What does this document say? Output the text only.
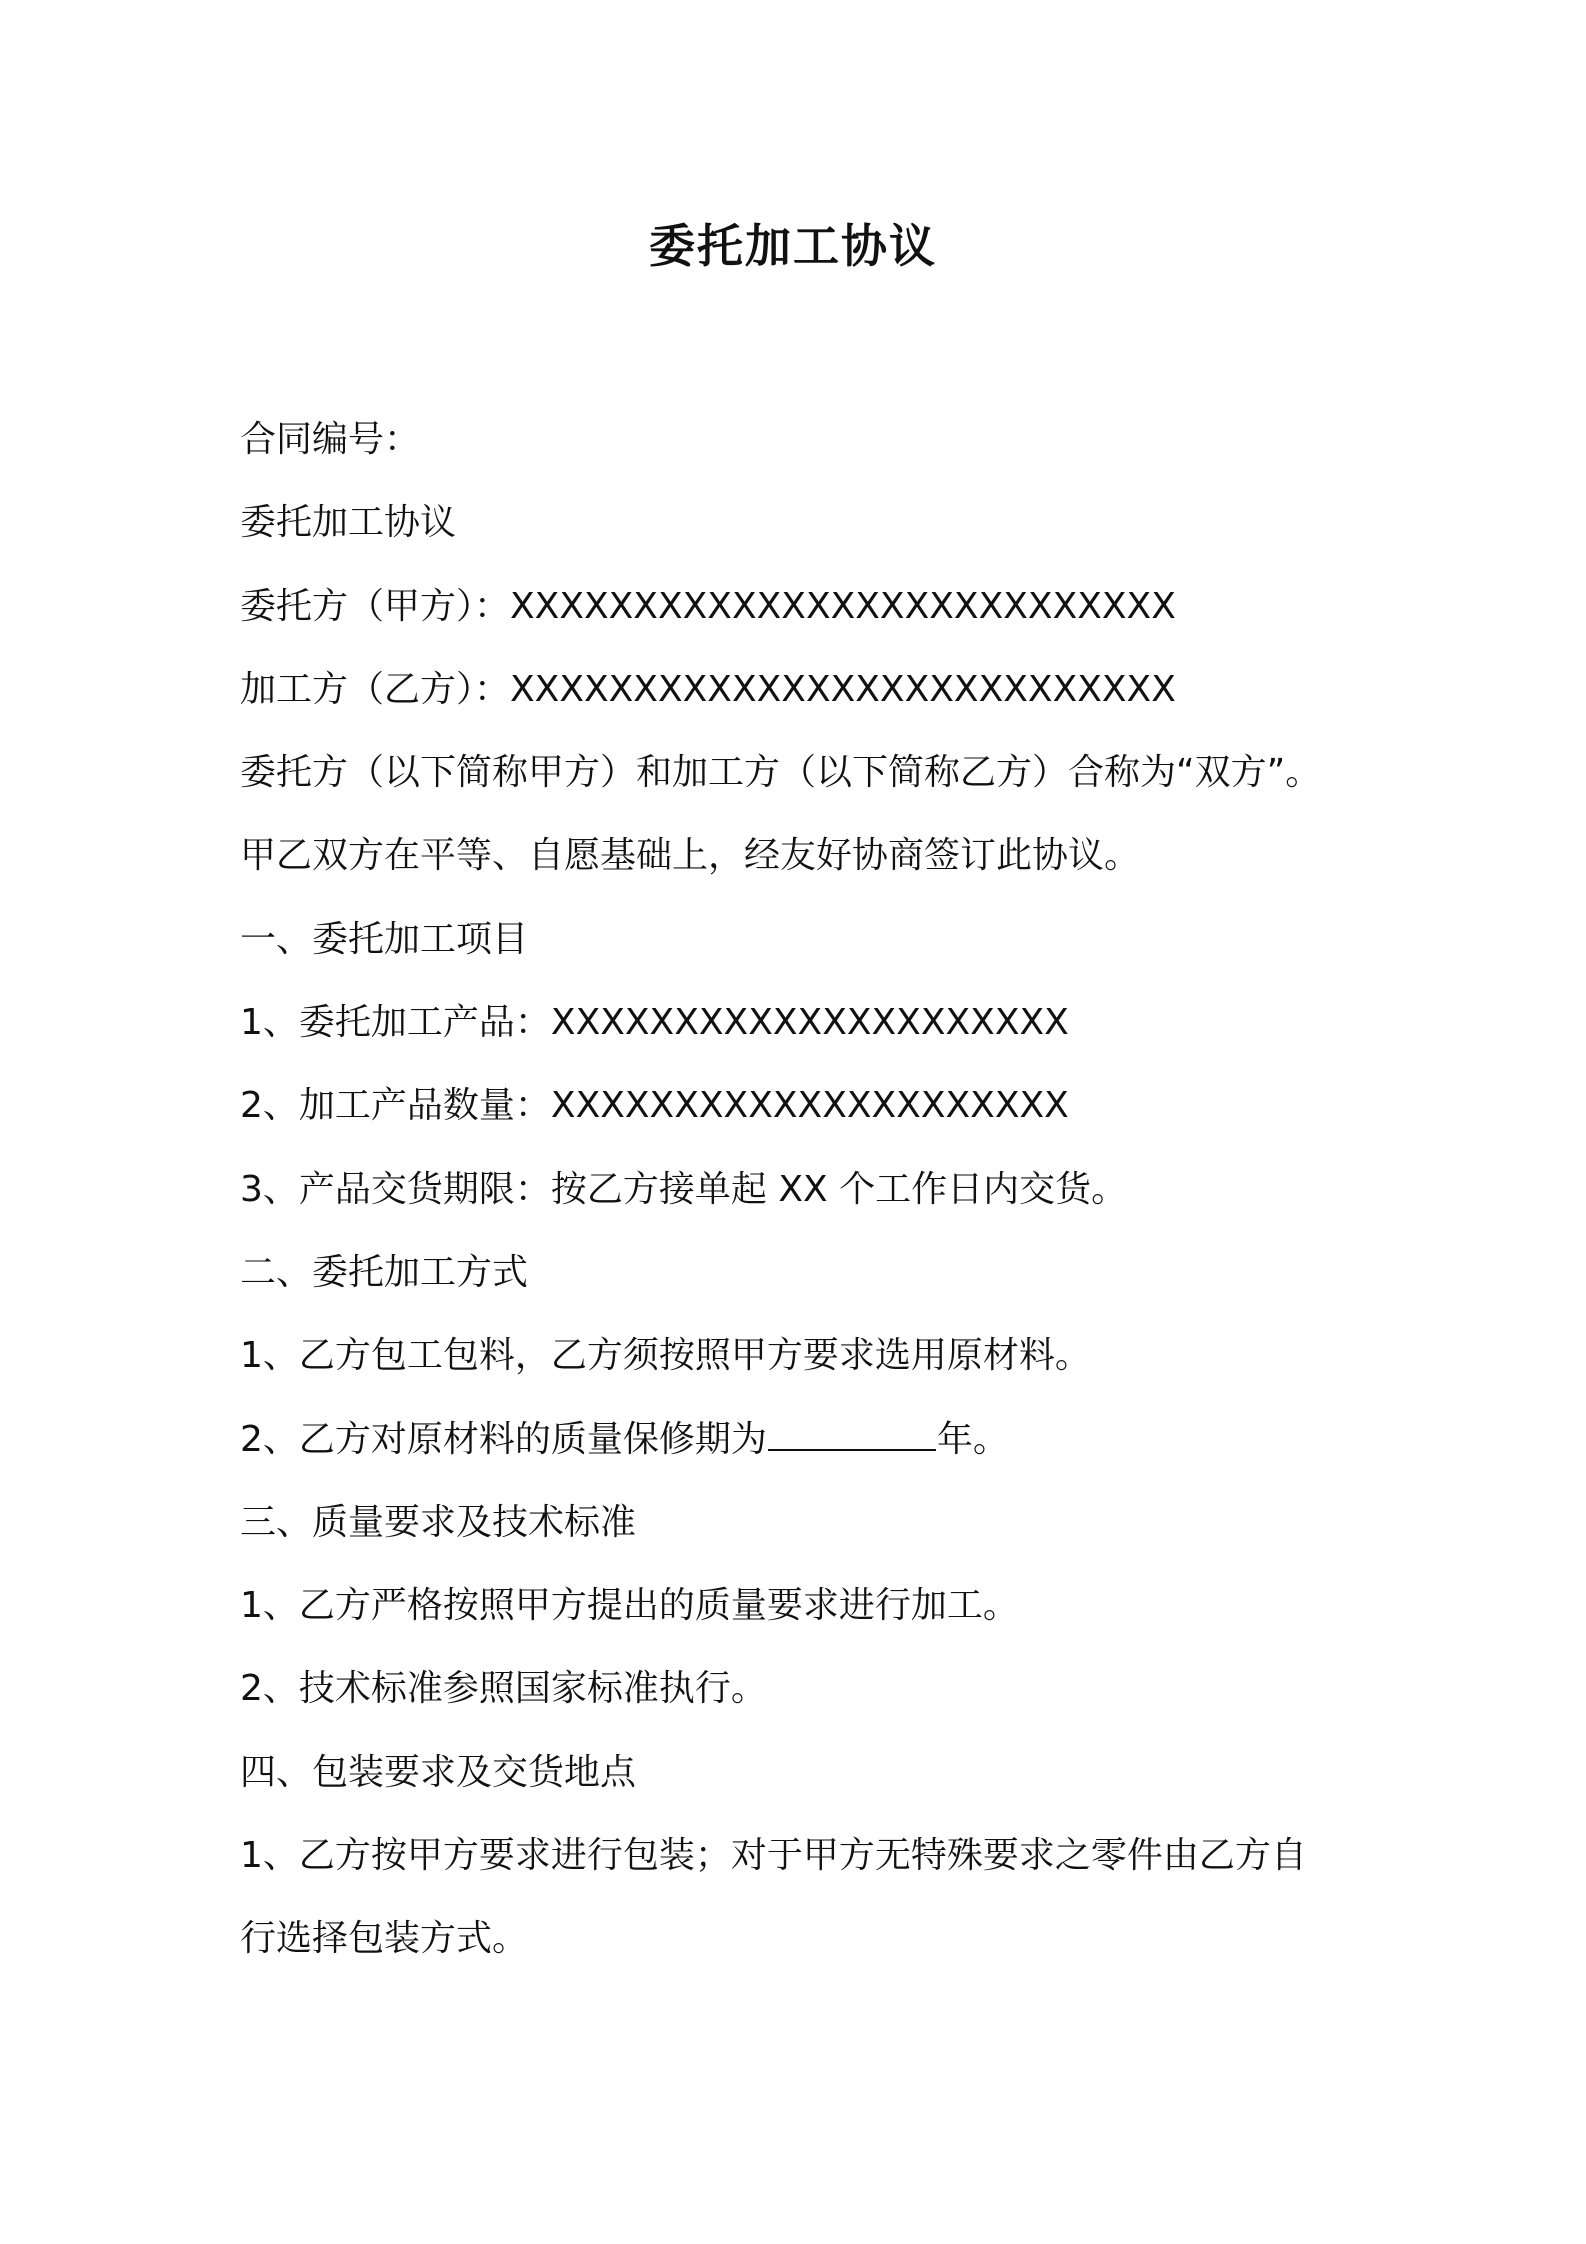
委托加工协议
合同编号：
委托加工协议
委托方（甲方）：XXXXXXXXXXXXXXXXXXXXXXXXXXX
加工方（乙方）：XXXXXXXXXXXXXXXXXXXXXXXXXXX
委托方（以下简称甲方）和加工方（以下简称乙方）合称为“双方”。
甲乙双方在平等、自愿基础上，经友好协商签订此协议。
一、委托加工项目
1、委托加工产品：XXXXXXXXXXXXXXXXXXXXX
2、加工产品数量：XXXXXXXXXXXXXXXXXXXXX
3、产品交货期限：按乙方接单起 XX 个工作日内交货。
二、委托加工方式
1、乙方包工包料，乙方须按照甲方要求选用原材料。
2、乙方对原材料的质量保修期为	年。
三、质量要求及技术标准
1、乙方严格按照甲方提出的质量要求进行加工。
2、技术标准参照国家标准执行。
四、包装要求及交货地点
1、乙方按甲方要求进行包装；对于甲方无特殊要求之零件由乙方自
行选择包装方式。
